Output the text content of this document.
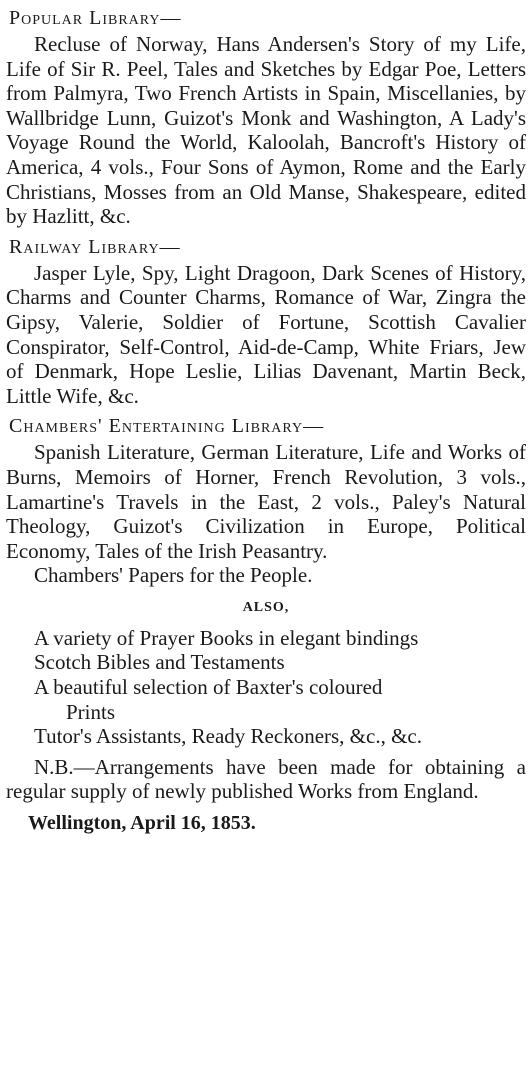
Popular Library—

Recluse of Norway, Hans Andersen's Story of my Life, Life of Sir R. Peel, Tales and Sketches by Edgar Poe, Letters from Palmyra, Two French Artists in Spain, Miscellanies, by Wallbridge Lunn, Guizot's Monk and Washington, A Lady's Voyage Round the World, Kaloolah, Bancroft's History of America, 4 vols., Four Sons of Aymon, Rome and the Early Christians, Mosses from an Old Manse, Shakespeare, edited by Hazlitt, &c.

Railway Library—

Jasper Lyle, Spy, Light Dragoon, Dark Scenes of History, Charms and Counter Charms, Romance of War, Zingra the Gipsy, Valerie, Soldier of Fortune, Scottish Cavalier Conspirator, Self-Control, Aid-de-Camp, White Friars, Jew of Denmark, Hope Leslie, Lilias Davenant, Martin Beck, Little Wife, &c.

Chambers' Entertaining Library—

Spanish Literature, German Literature, Life and Works of Burns, Memoirs of Horner, French Revolution, 3 vols., Lamartine's Travels in the East, 2 vols., Paley's Natural Theology, Guizot's Civilization in Europe, Political Economy, Tales of the Irish Peasantry.

Chambers' Papers for the People.
ALSO,
A variety of Prayer Books in elegant bindings
Scotch Bibles and Testaments
A beautiful selection of Baxter's coloured
Prints
Tutor's Assistants, Ready Reckoners, &c., &c.

N.B.—Arrangements have been made for obtaining a regular supply of newly published Works from England.

Wellington, April 16, 1853.
